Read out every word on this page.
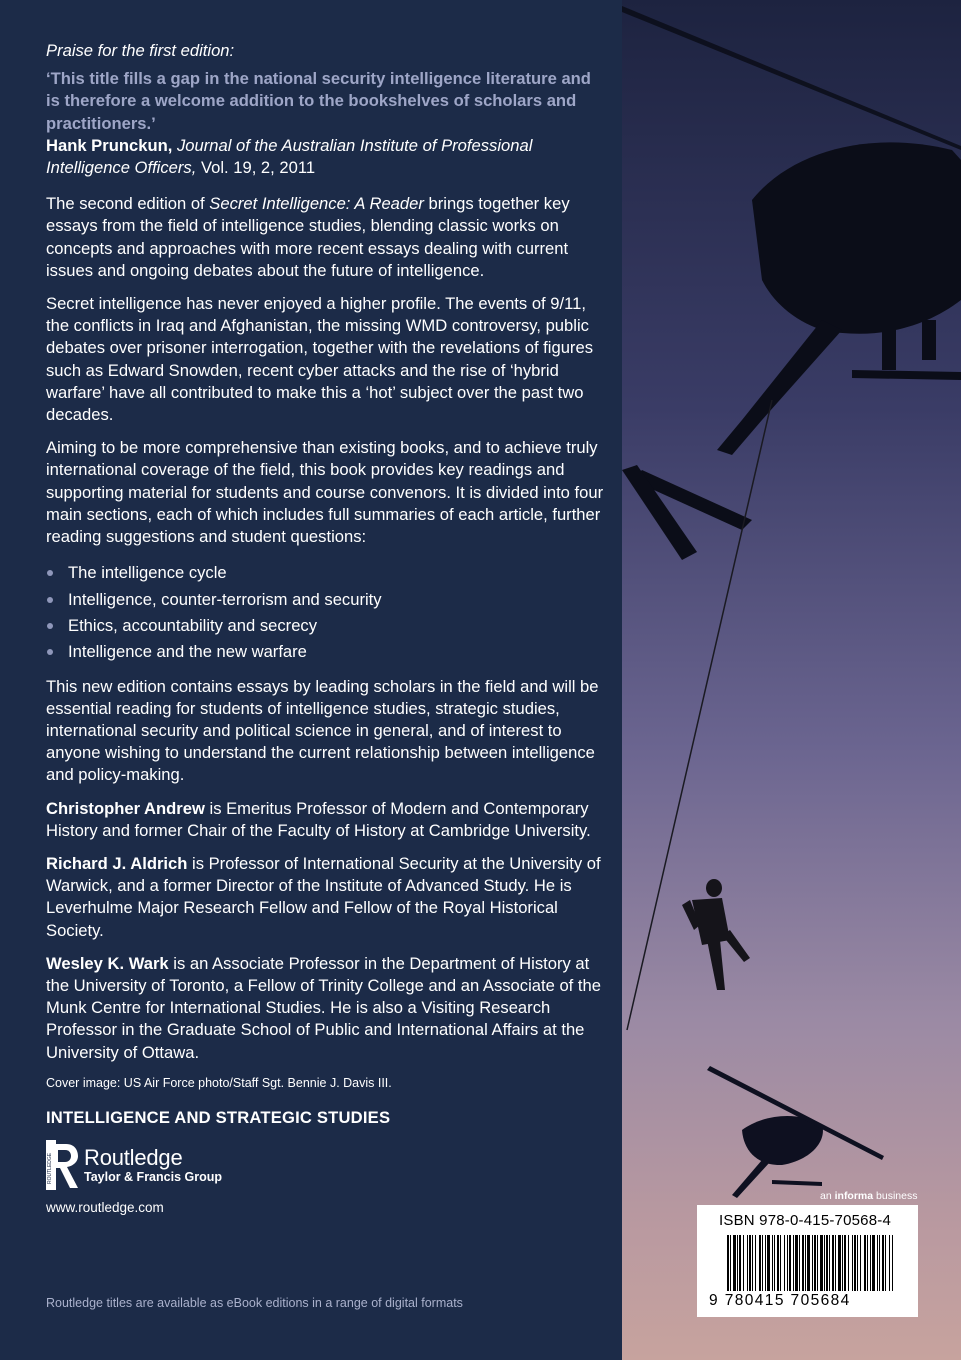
Praise for the first edition:

‘This title fills a gap in the national security intelligence literature and is therefore a welcome addition to the bookshelves of scholars and practitioners.’

Hank Prunckun, Journal of the Australian Institute of Professional Intelligence Officers, Vol. 19, 2, 2011

The second edition of Secret Intelligence: A Reader brings together key essays from the field of intelligence studies, blending classic works on concepts and approaches with more recent essays dealing with current issues and ongoing debates about the future of intelligence.

Secret intelligence has never enjoyed a higher profile. The events of 9/11, the conflicts in Iraq and Afghanistan, the missing WMD controversy, public debates over prisoner interrogation, together with the revelations of figures such as Edward Snowden, recent cyber attacks and the rise of ‘hybrid warfare’ have all contributed to make this a ‘hot’ subject over the past two decades.

Aiming to be more comprehensive than existing books, and to achieve truly international coverage of the field, this book provides key readings and supporting material for students and course convenors. It is divided into four main sections, each of which includes full summaries of each article, further reading suggestions and student questions:

The intelligence cycle
Intelligence, counter-terrorism and security
Ethics, accountability and secrecy
Intelligence and the new warfare

This new edition contains essays by leading scholars in the field and will be essential reading for students of intelligence studies, strategic studies, international security and political science in general, and of interest to anyone wishing to understand the current relationship between intelligence and policy-making.

Christopher Andrew is Emeritus Professor of Modern and Contemporary History and former Chair of the Faculty of History at Cambridge University.

Richard J. Aldrich is Professor of International Security at the University of Warwick, and a former Director of the Institute of Advanced Study. He is Leverhulme Major Research Fellow and Fellow of the Royal Historical Society.

Wesley K. Wark is an Associate Professor in the Department of History at the University of Toronto, a Fellow of Trinity College and an Associate of the Munk Centre for International Studies. He is also a Visiting Research Professor in the Graduate School of Public and International Affairs at the University of Ottawa.

Cover image: US Air Force photo/Staff Sgt. Bennie J. Davis III.

INTELLIGENCE AND STRATEGIC STUDIES
ROUTLEDGE Routledge
Taylor & Francis Group
www.routledge.com
Routledge titles are available as eBook editions in a range of digital formats
an informa business
ISBN 978-0-415-70568-4
9 780415 705684
